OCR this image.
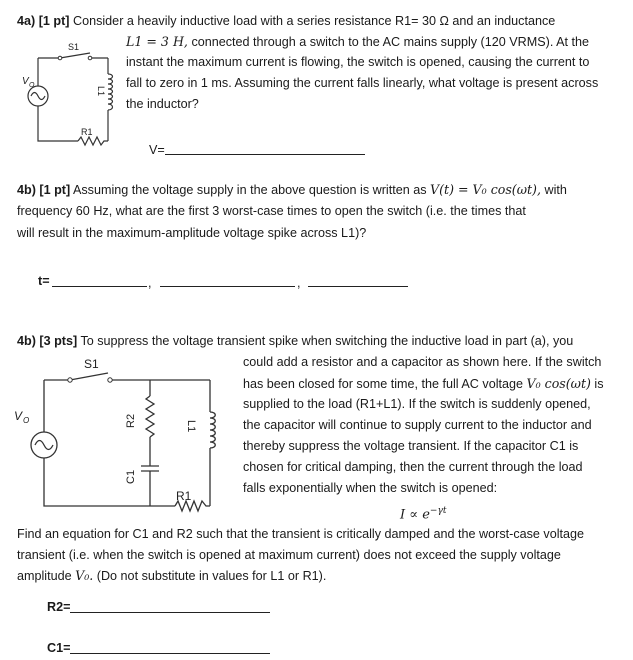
4a) [1 pt] Consider a heavily inductive load with a series resistance R1= 30 Ω and an inductance
L1 = 3 H, connected through a switch to the AC mains supply (120 VRMS). At the
instant the maximum current is flowing, the switch is opened, causing the current to
fall to zero in 1 ms. Assuming the current falls linearly, what voltage is present across
the inductor?
S1
V O
L1
R1
V=
4b) [1 pt] Assuming the voltage supply in the above question is written as V(t) = V₀ cos(ωt), with
frequency 60 Hz, what are the first 3 worst-case times to open the switch (i.e. the times that
will result in the maximum-amplitude voltage spike across L1)?
t=	,	,
4b) [3 pts] To suppress the voltage transient spike when switching the inductive load in part (a), you
could add a resistor and a capacitor as shown here. If the switch
has been closed for some time, the full AC voltage V₀ cos(ωt) is
supplied to the load (R1+L1). If the switch is suddenly opened,
the capacitor will continue to supply current to the inductor and
thereby suppress the voltage transient. If the capacitor C1 is
chosen for critical damping, then the current through the load
falls exponentially when the switch is opened:
$I \propto e^{-\gamma t}$
S1
V O	R2
C1
L1
R1
Find an equation for C1 and R2 such that the transient is critically damped and the worst-case voltage
transient (i.e. when the switch is opened at maximum current) does not exceed the supply voltage
amplitude V₀. (Do not substitute in values for L1 or R1).
R2=
C1=
